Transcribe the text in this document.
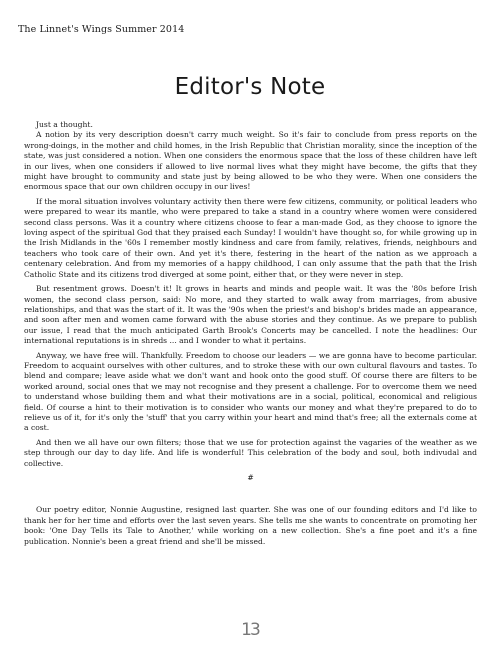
The Linnet's Wings Summer 2014
Editor's Note

Just a thought.

A notion by its very description doesn't carry much weight. So it's fair to conclude from press reports on the wrong-doings, in the mother and child homes, in the Irish Republic that Christian morality, since the inception of the state, was just considered a notion. When one considers the enormous space that the loss of these children have left in our lives, when one considers if allowed to live normal lives what they might have become, the gifts that they might have brought to community and state just by being allowed to be who they were. When one considers the enormous space that our own children occupy in our lives!

If the moral situation involves voluntary activity then there were few citizens, community, or political leaders who were prepared to wear its mantle, who were prepared to take a stand in a country where women were considered second class persons. Was it a country where citizens choose to fear a man-made God, as they choose to ignore the loving aspect of the spiritual God that they praised each Sunday! I wouldn't have thought so, for while growing up in the Irish Midlands in the '60s I remember mostly kindness and care from family, relatives, friends, neighbours and teachers who took care of their own. And yet it's there, festering in the heart of the nation as we approach a centenary celebration. And from my memories of a happy childhood, I can only assume that the path that the Irish Catholic State and its citizens trod diverged at some point, either that, or they were never in step.

But resentment grows. Doesn't it! It grows in hearts and minds and people wait. It was the '80s before Irish women, the second class person, said: No more, and they started to walk away from marriages, from abusive relationships, and that was the start of it. It was the '90s when the priest's and bishop's brides made an appearance, and soon after men and women came forward with the abuse stories and they continue. As we prepare to publish our issue, I read that the much anticipated Garth Brook's Concerts may be cancelled. I note the headlines: Our international reputations is in shreds ... and I wonder to what it pertains.

Anyway, we have free will. Thankfully. Freedom to choose our leaders — we are gonna have to become particular. Freedom to acquaint ourselves with other cultures, and to stroke these with our own cultural flavours and tastes. To blend and compare; leave aside what we don't want and hook onto the good stuff. Of course there are filters to be worked around, social ones that we may not recognise and they present a challenge. For to overcome them we need to understand whose building them and what their motivations are in a social, political, economical and religious field. Of course a hint to their motivation is to consider who wants our money and what they're prepared to do to relieve us of it, for it's only the 'stuff' that you carry within your heart and mind that's free; all the externals come at a cost.

And then we all have our own filters; those that we use for protection against the vagaries of the weather as we step through our day to day life. And life is wonderful! This celebration of the body and soul, both indivudal and collective.

#

Our poetry editor, Nonnie Augustine, resigned last quarter. She was one of our founding editors and I'd like to thank her for her time and efforts over the last seven years. She tells me she wants to concentrate on promoting her book: 'One Day Tells its Tale to Another,' while working on a new collection. She's a fine poet and it's a fine publication. Nonnie's been a great friend and she'll be missed.

13
